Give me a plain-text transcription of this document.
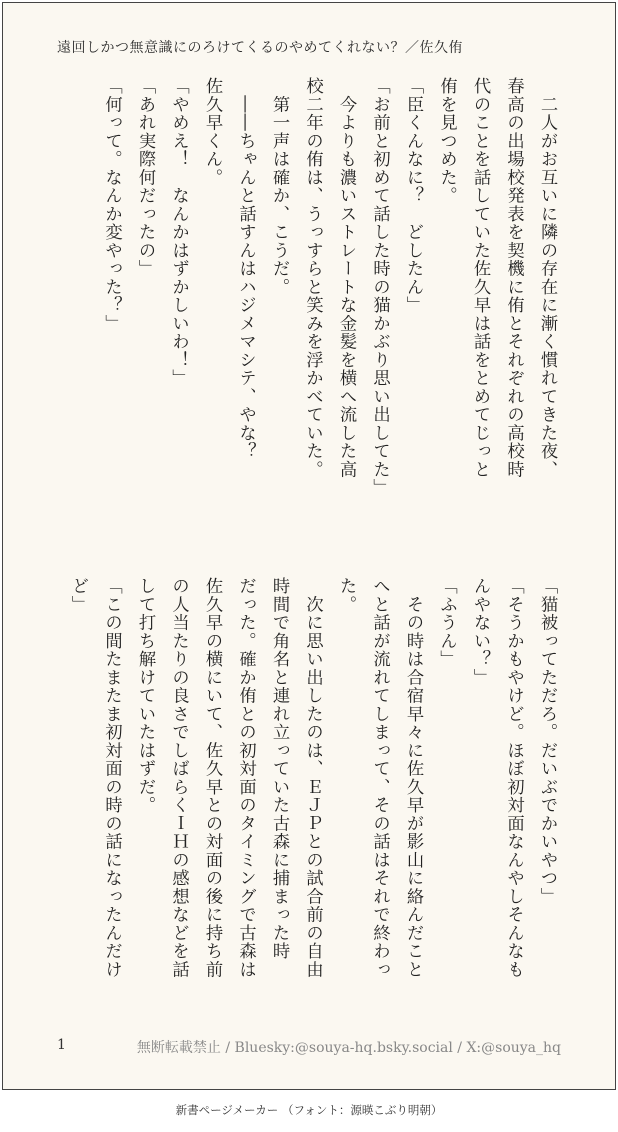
遠回しかつ無意識にのろけてくるのやめてくれない？／佐久侑
　二人がお互いに隣の存在に漸く慣れてきた夜、
春高の出場校発表を契機に侑とそれぞれの高校時
代のことを話していた佐久早は話をとめてじっと
侑を見つめた。
「臣くんなに？　どしたん」
「お前と初めて話した時の猫かぶり思い出してた」
　今よりも濃いストレートな金髪を横へ流した高
校二年の侑は、うっすらと笑みを浮かべていた。
　第一声は確か、こうだ。
　――ちゃんと話すんはハジメマシテ、やな？
佐久早くん。
「やめえ！　なんかはずかしいわ！」
「あれ実際何だったの」
「何って。なんか変やった？」
「猫被ってただろ。だいぶでかいやつ」
「そうかもやけど。ほぼ初対面なんやしそんなも
んやない？」
「ふうん」
　その時は合宿早々に佐久早が影山に絡んだこと
へと話が流れてしまって、その話はそれで終わっ
た。
　次に思い出したのは、ＥＪＰとの試合前の自由
時間で角名と連れ立っていた古森に捕まった時
だった。確か侑との初対面のタイミングで古森は
佐久早の横にいて、佐久早との対面の後に持ち前
の人当たりの良さでしばらくＩＨの感想などを話
して打ち解けていたはずだ。
「この間たまたま初対面の時の話になったんだけ
ど」
1	無断転載禁止 / Bluesky:@souya-hq.bsky.social / X:@souya_hq
新書ページメーカー （フォント：源暎こぶり明朝）
